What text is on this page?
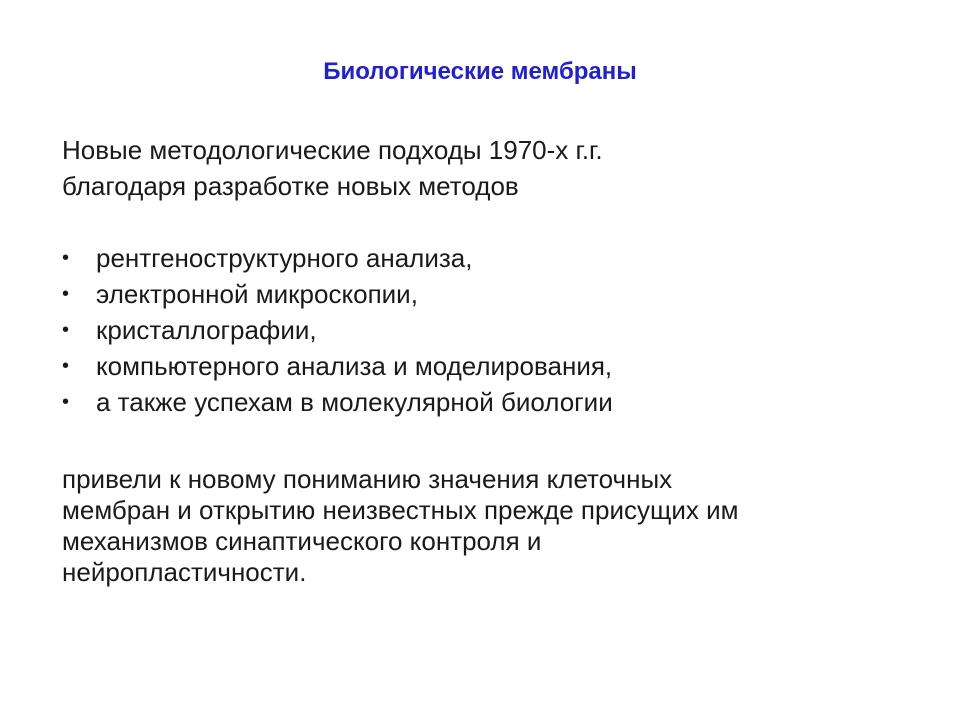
Биологические мембраны
Новые методологические подходы 1970-х г.г.
благодаря разработке новых методов
• рентгеноструктурного анализа,
• электронной микроскопии,
• кристаллографии,
• компьютерного анализа и моделирования,
• а также успехам в молекулярной биологии
привели к новому пониманию значения клеточных
мембран и открытию неизвестных прежде присущих им
механизмов синаптического контроля и
нейропластичности.
